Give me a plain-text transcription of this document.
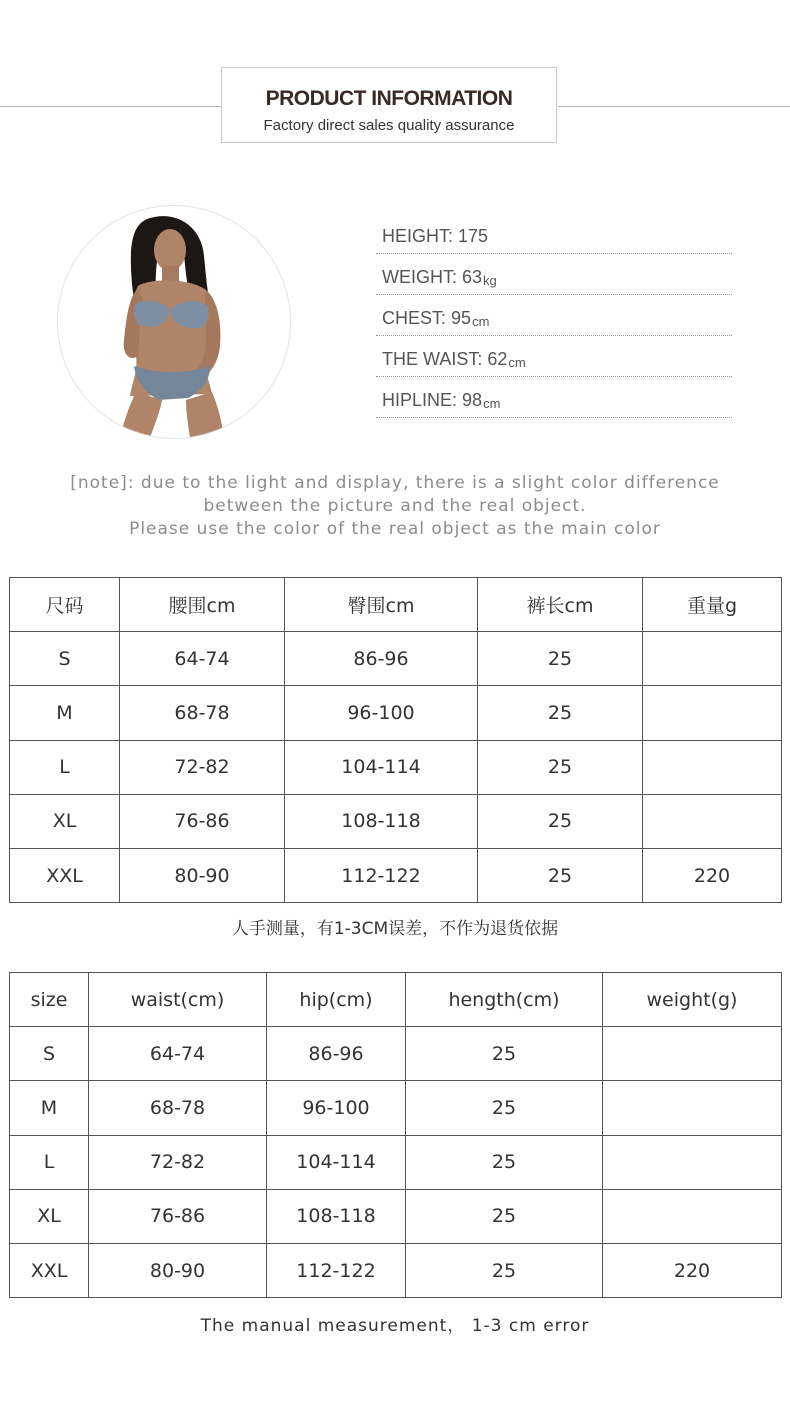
PRODUCT INFORMATION
Factory direct sales quality assurance
HEIGHT:
175
WEIGHT:
63 kg
CHEST:
95 cm
THE WAIST:
62 cm
HIPLINE:
98 cm
[note]: due to the light and display, there is a slight color difference
between the picture and the real object.
Please use the color of the real object as the main color
尺码	腰围cm	臀围cm	裤长cm	重量g
S	64-74	86-96	25	
M	68-78	96-100	25	
L	72-82	104-114	25	
XL	76-86	108-118	25	
XXL	80-90	112-122	25	220
人手测量，有1-3CM误差，不作为退货依据
size	waist(cm)	hip(cm)	hength(cm)	weight(g)
S	64-74	86-96	25	
M	68-78	96-100	25	
L	72-82	104-114	25	
XL	76-86	108-118	25	
XXL	80-90	112-122	25	220
The manual measurement， 1-3 cm error
